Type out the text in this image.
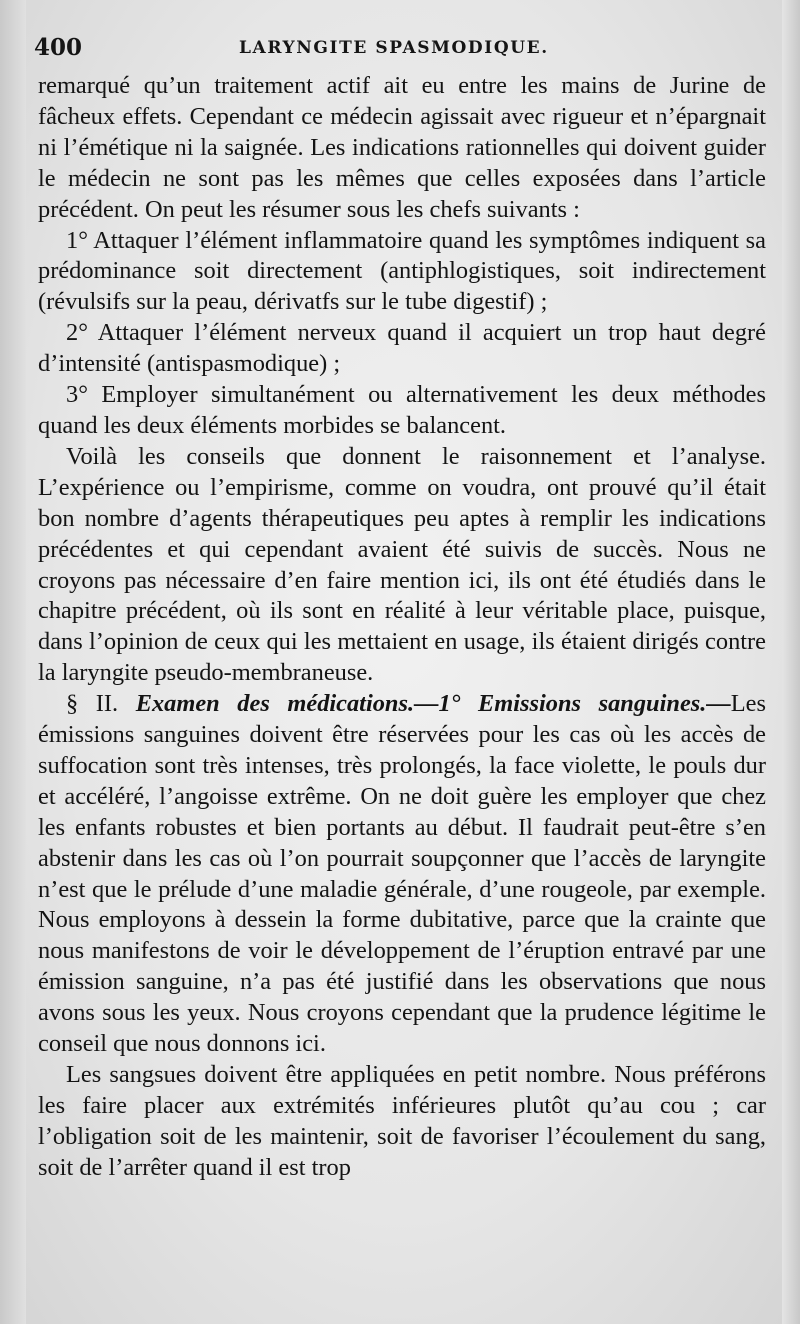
400	LARYNGITE SPASMODIQUE.

remarqué qu’un traitement actif ait eu entre les mains de Jurine de fâcheux effets. Cependant ce médecin agissait avec rigueur et n’épargnait ni l’émétique ni la saignée. Les indications rationnelles qui doivent guider le médecin ne sont pas les mêmes que celles exposées dans l’article précédent. On peut les résumer sous les chefs suivants :

1° Attaquer l’élément inflammatoire quand les symptômes indiquent sa prédominance soit directement (antiphlogistiques, soit indirectement (révulsifs sur la peau, dérivatfs sur le tube digestif) ;

2° Attaquer l’élément nerveux quand il acquiert un trop haut degré d’intensité (antispasmodique) ;

3° Employer simultanément ou alternativement les deux méthodes quand les deux éléments morbides se balancent.

Voilà les conseils que donnent le raisonnement et l’analyse. L’expérience ou l’empirisme, comme on voudra, ont prouvé qu’il était bon nombre d’agents thérapeutiques peu aptes à remplir les indications précédentes et qui cependant avaient été suivis de succès. Nous ne croyons pas nécessaire d’en faire mention ici, ils ont été étudiés dans le chapitre précédent, où ils sont en réalité à leur véritable place, puisque, dans l’opinion de ceux qui les mettaient en usage, ils étaient dirigés contre la laryngite pseudo-membraneuse.

§ II. Examen des médications.—1° Emissions sanguines.—Les émissions sanguines doivent être réservées pour les cas où les accès de suffocation sont très intenses, très prolongés, la face violette, le pouls dur et accéléré, l’angoisse extrême. On ne doit guère les employer que chez les enfants robustes et bien portants au début. Il faudrait peut-être s’en abstenir dans les cas où l’on pourrait soupçonner que l’accès de laryngite n’est que le prélude d’une maladie générale, d’une rougeole, par exemple. Nous employons à dessein la forme dubitative, parce que la crainte que nous manifestons de voir le développement de l’éruption entravé par une émission sanguine, n’a pas été justifié dans les observations que nous avons sous les yeux. Nous croyons cependant que la prudence légitime le conseil que nous donnons ici.

Les sangsues doivent être appliquées en petit nombre. Nous préférons les faire placer aux extrémités inférieures plutôt qu’au cou ; car l’obligation soit de les maintenir, soit de favoriser l’écoulement du sang, soit de l’arrêter quand il est trop
